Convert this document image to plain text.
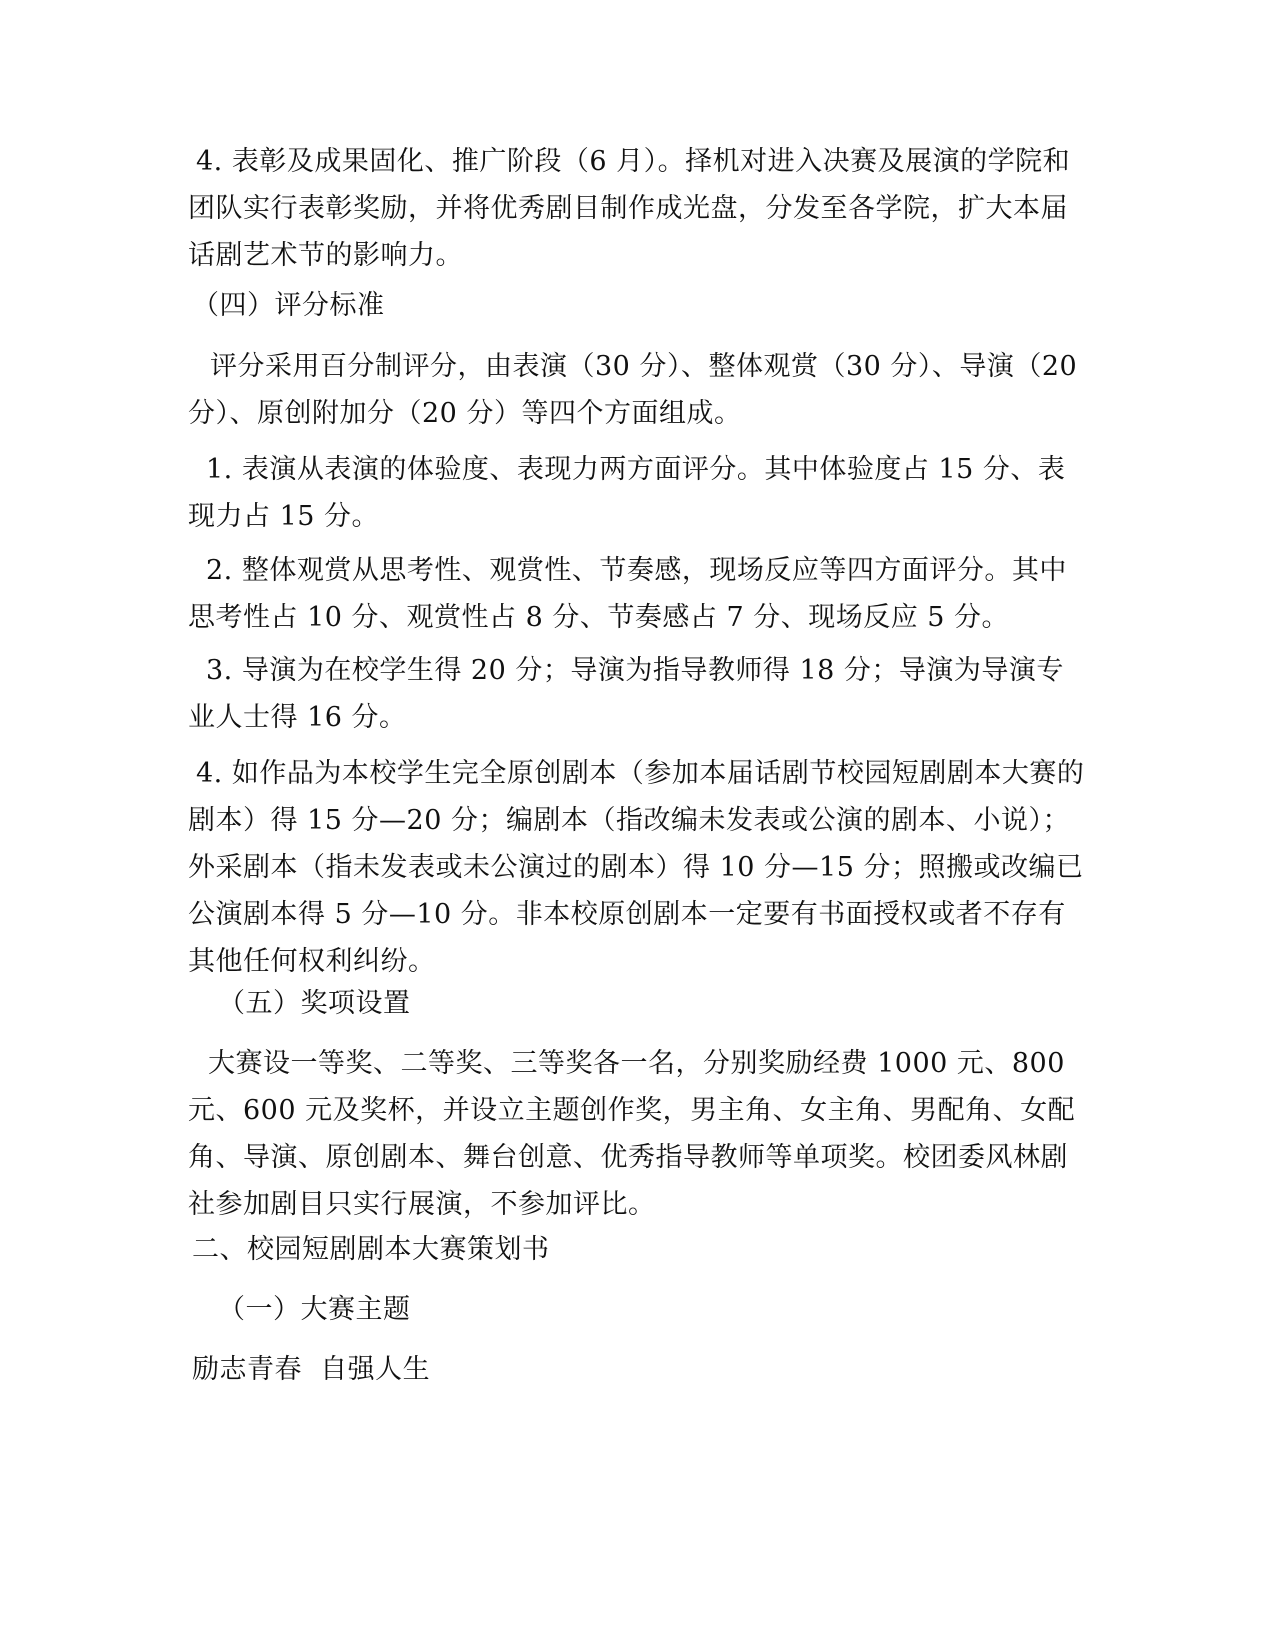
4. 表彰及成果固化、推广阶段（6 月）。择机对进入决赛及展演的学院和团队实行表彰奖励，并将优秀剧目制作成光盘，分发至各学院，扩大本届话剧艺术节的影响力。

（四）评分标准

评分采用百分制评分，由表演（30 分）、整体观赏（30 分）、导演（20 分）、原创附加分（20 分）等四个方面组成。

1. 表演从表演的体验度、表现力两方面评分。其中体验度占 15 分、表现力占 15 分。

2. 整体观赏从思考性、观赏性、节奏感，现场反应等四方面评分。其中思考性占 10 分、观赏性占 8 分、节奏感占 7 分、现场反应 5 分。

3. 导演为在校学生得 20 分；导演为指导教师得 18 分；导演为导演专业人士得 16 分。

4. 如作品为本校学生完全原创剧本（参加本届话剧节校园短剧剧本大赛的剧本）得 15 分—20 分；编剧本（指改编未发表或公演的剧本、小说）；外采剧本（指未发表或未公演过的剧本）得 10 分—15 分；照搬或改编已公演剧本得 5 分—10 分。非本校原创剧本一定要有书面授权或者不存有其他任何权利纠纷。

（五）奖项设置

大赛设一等奖、二等奖、三等奖各一名，分别奖励经费 1000 元、800 元、600 元及奖杯，并设立主题创作奖，男主角、女主角、男配角、女配角、导演、原创剧本、舞台创意、优秀指导教师等单项奖。校团委风林剧社参加剧目只实行展演，不参加评比。

二、校园短剧剧本大赛策划书

（一）大赛主题

励志青春  自强人生
